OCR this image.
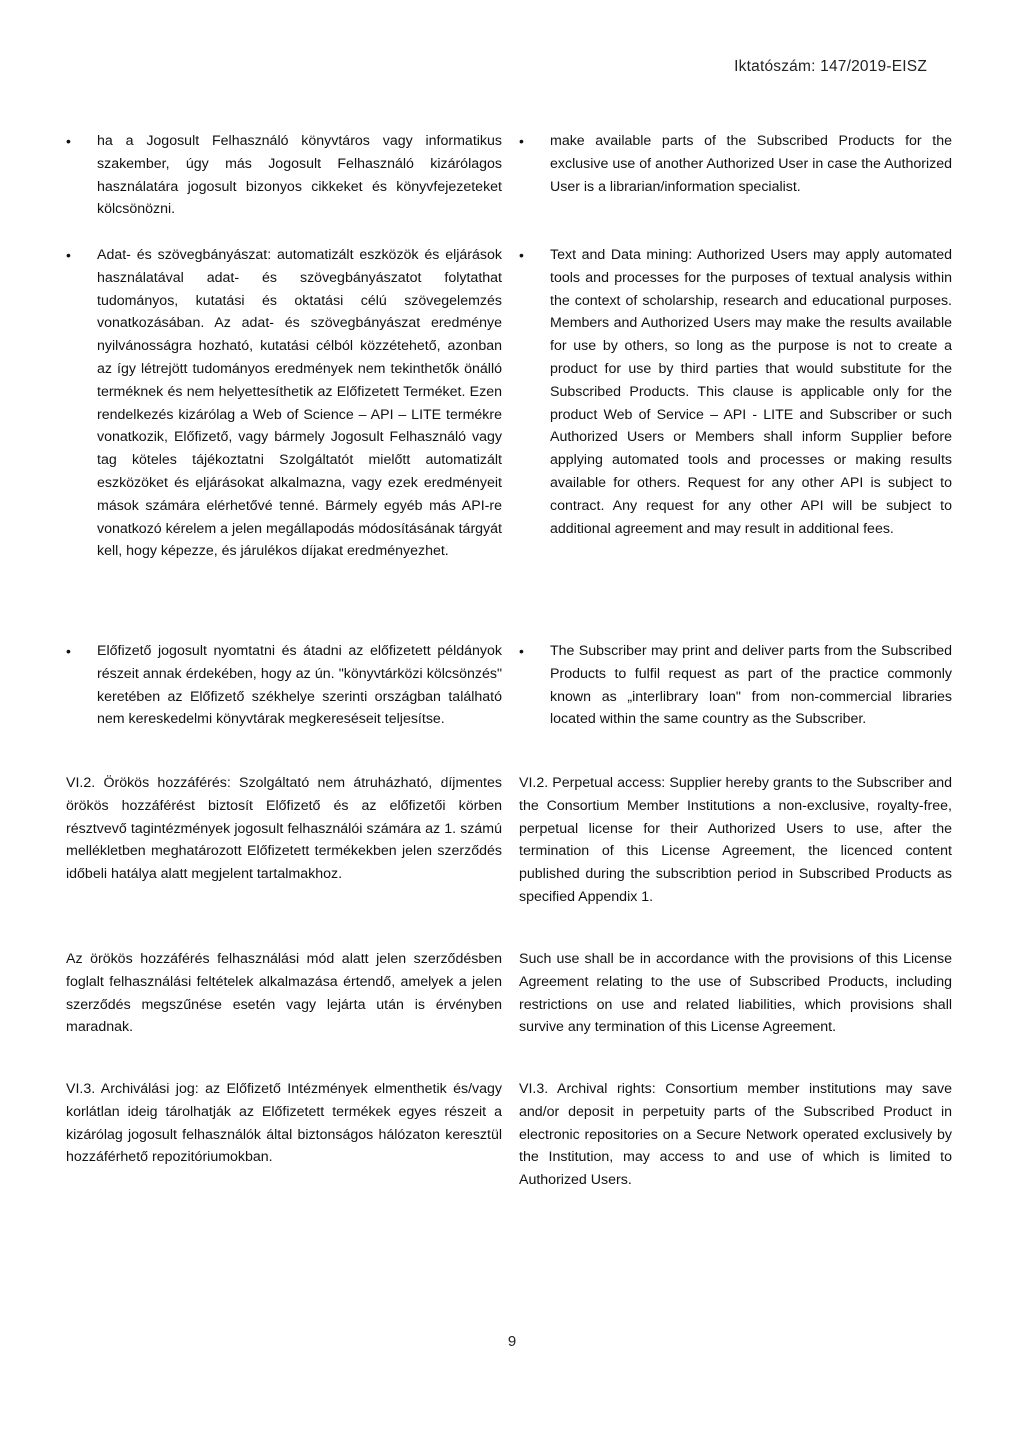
Iktatószám: 147/2019-EISZ

• ha a Jogosult Felhasználó könyvtáros vagy informatikus szakember, úgy más Jogosult Felhasználó kizárólagos használatára jogosult bizonyos cikkeket és könyvfejezeteket kölcsönözni.

• make available parts of the Subscribed Products for the exclusive use of another Authorized User in case the Authorized User is a librarian/information specialist.

• Adat- és szövegbányászat: automatizált eszközök és eljárások használatával adat- és szövegbányászatot folytathat tudományos, kutatási és oktatási célú szövegelemzés vonatkozásában. Az adat- és szövegbányászat eredménye nyilvánosságra hozható, kutatási célból közzétehető, azonban az így létrejött tudományos eredmények nem tekinthetők önálló terméknek és nem helyettesíthetik az Előfizetett Terméket. Ezen rendelkezés kizárólag a Web of Science – API – LITE termékre vonatkozik, Előfizető, vagy bármely Jogosult Felhasználó vagy tag köteles tájékoztatni Szolgáltatót mielőtt automatizált eszközöket és eljárásokat alkalmazna, vagy ezek eredményeit mások számára elérhetővé tenné. Bármely egyéb más API-re vonatkozó kérelem a jelen megállapodás módosításának tárgyát kell, hogy képezze, és járulékos díjakat eredményezhet.

• Text and Data mining: Authorized Users may apply automated tools and processes for the purposes of textual analysis within the context of scholarship, research and educational purposes. Members and Authorized Users may make the results available for use by others, so long as the purpose is not to create a product for use by third parties that would substitute for the Subscribed Products. This clause is applicable only for the product Web of Service – API - LITE and Subscriber or such Authorized Users or Members shall inform Supplier before applying automated tools and processes or making results available for others. Request for any other API is subject to contract. Any request for any other API will be subject to additional agreement and may result in additional fees.

• Előfizető jogosult nyomtatni és átadni az előfizetett példányok részeit annak érdekében, hogy az ún. "könyvtárközi kölcsönzés" keretében az Előfizető székhelye szerinti országban található nem kereskedelmi könyvtárak megkereséseit teljesítse.

• The Subscriber may print and deliver parts from the Subscribed Products to fulfil request as part of the practice commonly known as „interlibrary loan" from non-commercial libraries located within the same country as the Subscriber.

VI.2. Örökös hozzáférés: Szolgáltató nem átruházható, díjmentes örökös hozzáférést biztosít Előfizető és az előfizetői körben résztvevő tagintézmények jogosult felhasználói számára az 1. számú mellékletben meghatározott Előfizetett termékekben jelen szerződés időbeli hatálya alatt megjelent tartalmakhoz.

VI.2. Perpetual access: Supplier hereby grants to the Subscriber and the Consortium Member Institutions a non-exclusive, royalty-free, perpetual license for their Authorized Users to use, after the termination of this License Agreement, the licenced content published during the subscribtion period in Subscribed Products as specified Appendix 1.

Az örökös hozzáférés felhasználási mód alatt jelen szerződésben foglalt felhasználási feltételek alkalmazása értendő, amelyek a jelen szerződés megszűnése esetén vagy lejárta után is érvényben maradnak.

Such use shall be in accordance with the provisions of this License Agreement relating to the use of Subscribed Products, including restrictions on use and related liabilities, which provisions shall survive any termination of this License Agreement.

VI.3. Archiválási jog: az Előfizető Intézmények elmenthetik és/vagy korlátlan ideig tárolhatják az Előfizetett termékek egyes részeit a kizárólag jogosult felhasználók által biztonságos hálózaton keresztül hozzáférhető repozitóriumokban.

VI.3. Archival rights: Consortium member institutions may save and/or deposit in perpetuity parts of the Subscribed Product in electronic repositories on a Secure Network operated exclusively by the Institution, may access to and use of which is limited to Authorized Users.

9
